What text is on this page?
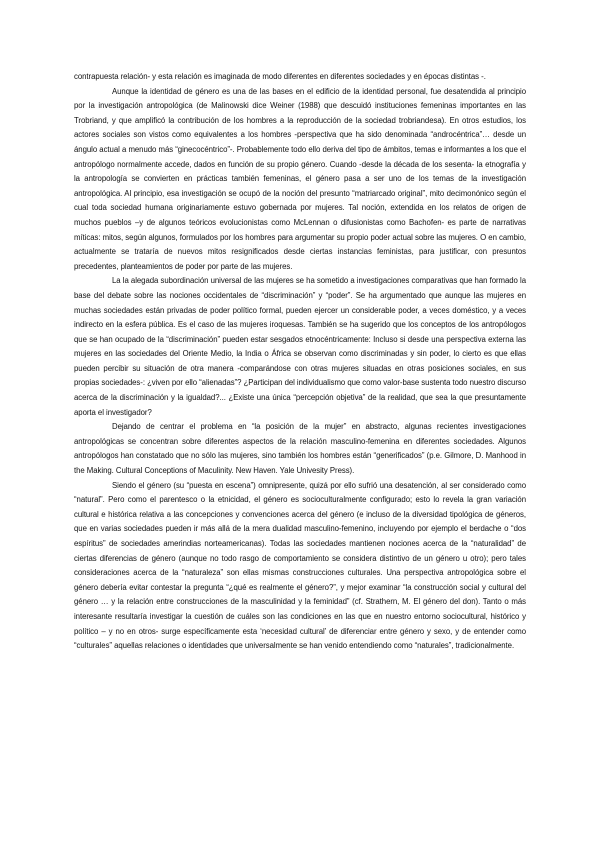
contrapuesta relación- y esta relación es imaginada de modo diferentes en diferentes sociedades y en épocas distintas -.

Aunque la identidad de género es una de las bases en el edificio de la identidad personal, fue desatendida al principio por la investigación antropológica (de Malinowski dice Weiner (1988) que descuidó instituciones femeninas importantes en las Trobriand, y que amplificó la contribución de los hombres a la reproducción de la sociedad trobriandesa). En otros estudios, los actores sociales son vistos como equivalentes a los hombres -perspectiva que ha sido denominada “androcéntrica”… desde un ángulo actual a menudo más “ginecocéntrico”-. Probablemente todo ello deriva del tipo de ámbitos, temas e informantes a los que el antropólogo normalmente accede, dados en función de su propio género. Cuando -desde la década de los sesenta- la etnografía y la antropología se convierten en prácticas también femeninas, el género pasa a ser uno de los temas de la investigación antropológica. Al principio, esa investigación se ocupó de la noción del presunto “matriarcado original”, mito decimonónico según el cual toda sociedad humana originariamente estuvo gobernada por mujeres. Tal noción, extendida en los relatos de origen de muchos pueblos –y de algunos teóricos evolucionistas como McLennan o difusionistas como Bachofen- es parte de narrativas míticas: mitos, según algunos, formulados por los hombres para argumentar su propio poder actual sobre las mujeres. O en cambio, actualmente se trataría de nuevos mitos resignificados desde ciertas instancias feministas, para justificar, con presuntos precedentes, planteamientos de poder por parte de las mujeres.

La la alegada subordinación universal de las mujeres se ha sometido a investigaciones comparativas que han formado la base del debate sobre las nociones occidentales de “discriminación” y “poder”. Se ha argumentado que aunque las mujeres en muchas sociedades están privadas de poder político formal, pueden ejercer un considerable poder, a veces doméstico, y a veces indirecto en la esfera pública. Es el caso de las mujeres iroquesas. También se ha sugerido que los conceptos de los antropólogos que se han ocupado de la “discriminación” pueden estar sesgados etnocéntricamente: Incluso si desde una perspectiva externa las mujeres en las sociedades del Oriente Medio, la India o África se observan como discriminadas y sin poder, lo cierto es que ellas pueden percibir su situación de otra manera -comparándose con otras mujeres situadas en otras posiciones sociales, en sus propias sociedades-: ¿viven por ello “alienadas”? ¿Participan del individualismo que como valor-base sustenta todo nuestro discurso acerca de la discriminación y la igualdad?... ¿Existe una única “percepción objetiva” de la realidad, que sea la que presuntamente aporta el investigador?

Dejando de centrar el problema en “la posición de la mujer” en abstracto, algunas recientes investigaciones antropológicas se concentran sobre diferentes aspectos de la relación masculino-femenina en diferentes sociedades. Algunos antropólogos han constatado que no sólo las mujeres, sino también los hombres están “generificados” (p.e. Gilmore, D. Manhood in the Making. Cultural Conceptions of Maculinity. New Haven. Yale Univesity Press).

Siendo el género (su “puesta en escena”) omnipresente, quizá por ello sufrió una desatención, al ser considerado como “natural”. Pero como el parentesco o la etnicidad, el género es socioculturalmente configurado; esto lo revela la gran variación cultural e histórica relativa a las concepciones y convenciones acerca del género (e incluso de la diversidad tipológica de géneros, que en varias sociedades pueden ir más allá de la mera dualidad masculino-femenino, incluyendo por ejemplo el berdache o “dos espíritus” de sociedades amerindias norteamericanas). Todas las sociedades mantienen nociones acerca de la “naturalidad” de ciertas diferencias de género (aunque no todo rasgo de comportamiento se considera distintivo de un género u otro); pero tales consideraciones acerca de la “naturaleza” son ellas mismas construcciones culturales. Una perspectiva antropológica sobre el género debería evitar contestar la pregunta “¿qué es realmente el género?”, y mejor examinar “la construcción social y cultural del género … y la relación entre construcciones de la masculinidad y la feminidad” (cf. Strathern, M. El género del don). Tanto o más interesante resultaría investigar la cuestión de cuáles son las condiciones en las que en nuestro entorno sociocultural, histórico y político – y no en otros- surge específicamente esta ‘necesidad cultural’ de diferenciar entre género y sexo, y de entender como “culturales” aquellas relaciones o identidades que universalmente se han venido entendiendo como “naturales”, tradicionalmente.
